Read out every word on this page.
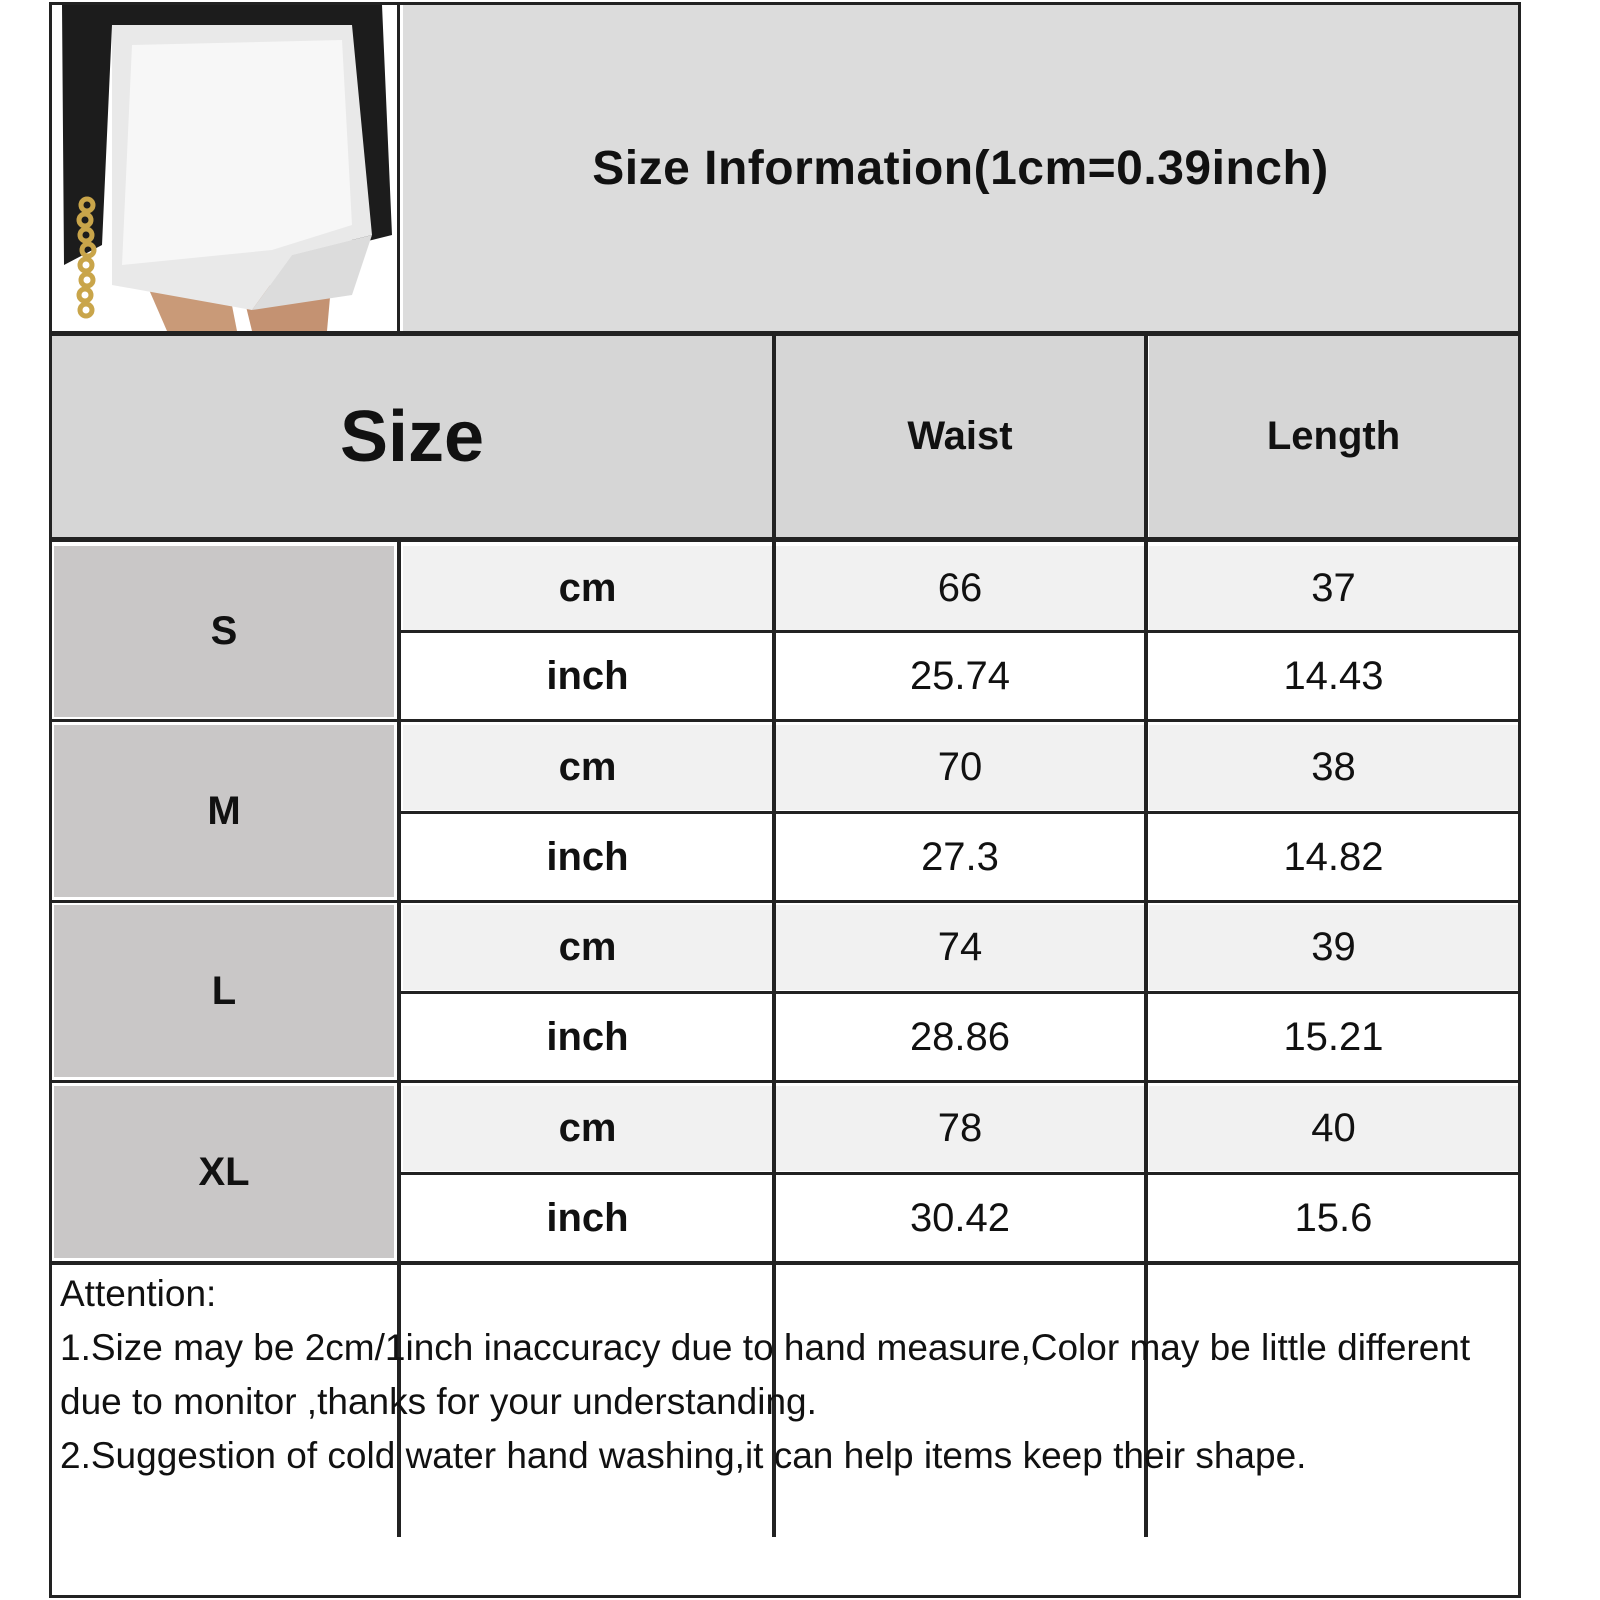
Size Information(1cm=0.39inch)
Size	Waist	Length
S
cm	66	37
inch	25.74	14.43
M
cm	70	38
inch	27.3	14.82
L
cm	74	39
inch	28.86	15.21
XL
cm	78	40
inch	30.42	15.6

Attention:

1.Size may be 2cm/1inch inaccuracy due to hand measure,Color may be little different due to monitor ,thanks for your understanding.

2.Suggestion of cold water hand washing,it can help items keep their shape.
